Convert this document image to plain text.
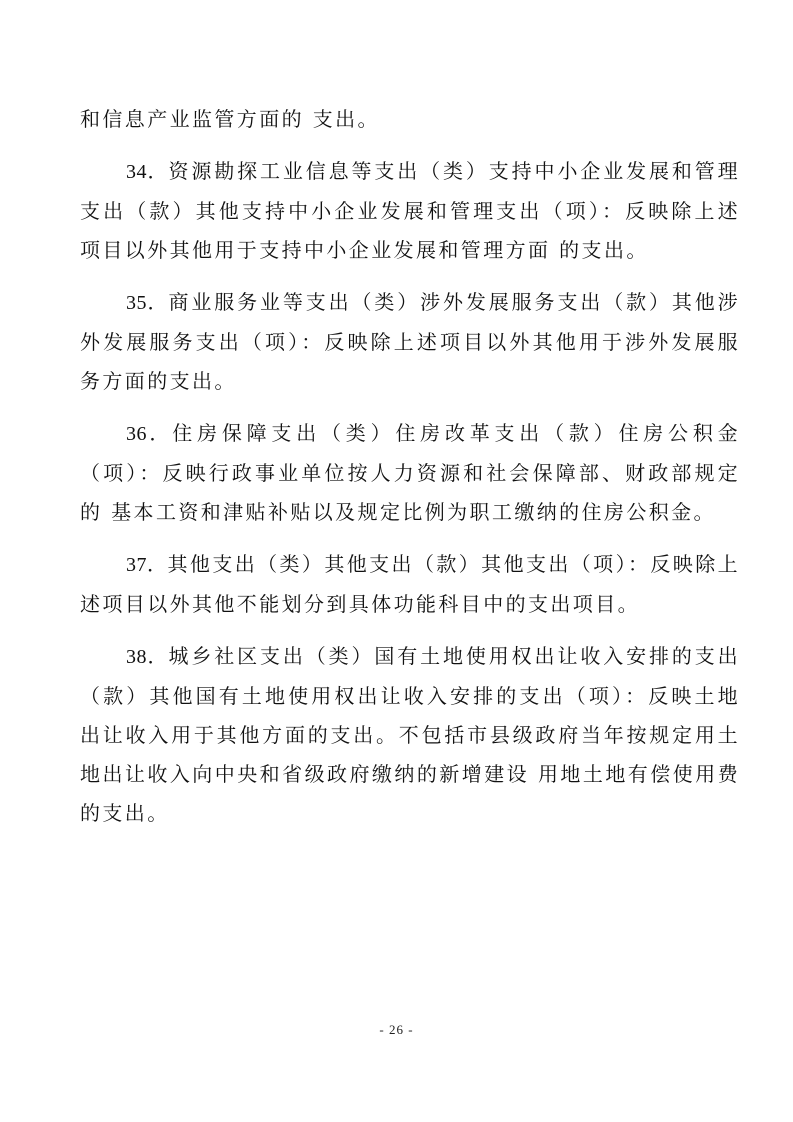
和信息产业监管方面的 支出。

34．资源勘探工业信息等支出（类）支持中小企业发展和管理支出（款）其他支持中小企业发展和管理支出（项）：反映除上述项目以外其他用于支持中小企业发展和管理方面 的支出。

35．商业服务业等支出（类）涉外发展服务支出（款）其他涉外发展服务支出（项）：反映除上述项目以外其他用于涉外发展服务方面的支出。

36．住房保障支出（类）住房改革支出（款）住房公积金（项）：反映行政事业单位按人力资源和社会保障部、财政部规定的 基本工资和津贴补贴以及规定比例为职工缴纳的住房公积金。

37．其他支出（类）其他支出（款）其他支出（项）：反映除上述项目以外其他不能划分到具体功能科目中的支出项目。

38．城乡社区支出（类）国有土地使用权出让收入安排的支出（款）其他国有土地使用权出让收入安排的支出（项）：反映土地出让收入用于其他方面的支出。不包括市县级政府当年按规定用土地出让收入向中央和省级政府缴纳的新增建设 用地土地有偿使用费的支出。

- 26 -
